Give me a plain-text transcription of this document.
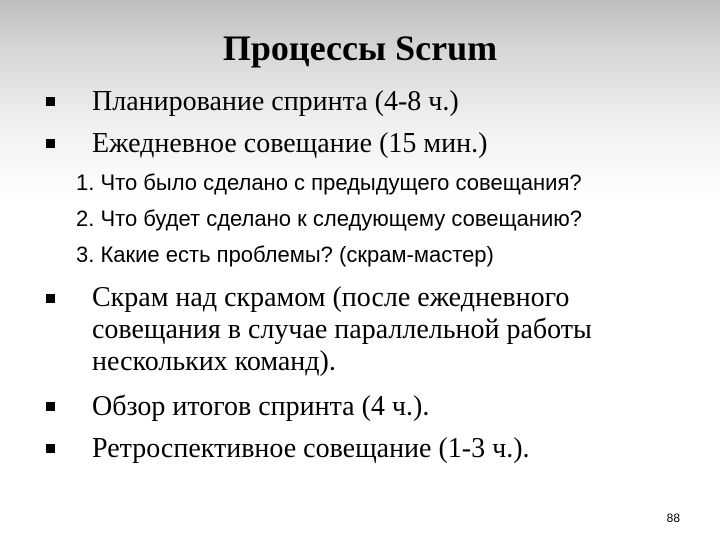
Процессы Scrum
Планирование спринта (4-8 ч.)
Ежедневное совещание (15 мин.)
1. Что было сделано с предыдущего совещания?
2. Что будет сделано к следующему совещанию?
3. Какие есть проблемы? (скрам-мастер)
Скрам над скрамом (после ежедневного совещания в случае параллельной работы нескольких команд).
Обзор итогов спринта (4 ч.).
Ретроспективное совещание (1-3 ч.).
88
